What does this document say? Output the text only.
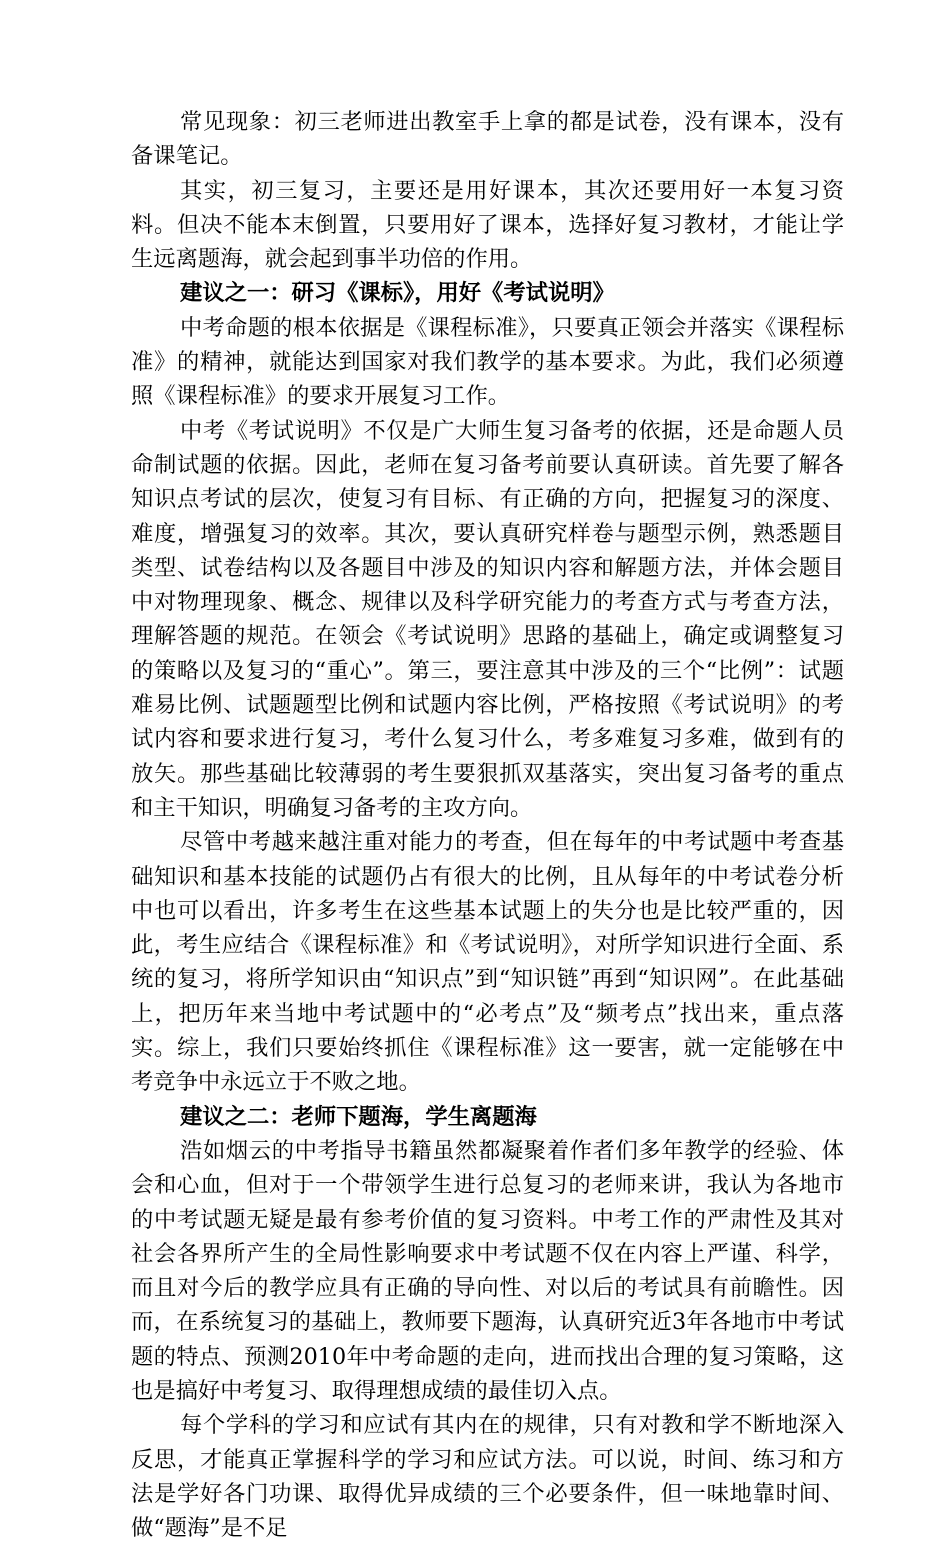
常见现象：初三老师进出教室手上拿的都是试卷，没有课本，没有备课笔记。

其实，初三复习，主要还是用好课本，其次还要用好一本复习资料。但决不能本末倒置，只要用好了课本，选择好复习教材，才能让学生远离题海，就会起到事半功倍的作用。

建议之一：研习《课标》，用好《考试说明》

中考命题的根本依据是《课程标准》，只要真正领会并落实《课程标准》的精神，就能达到国家对我们教学的基本要求。为此，我们必须遵照《课程标准》的要求开展复习工作。

中考《考试说明》不仅是广大师生复习备考的依据，还是命题人员命制试题的依据。因此，老师在复习备考前要认真研读。首先要了解各知识点考试的层次，使复习有目标、有正确的方向，把握复习的深度、难度，增强复习的效率。其次，要认真研究样卷与题型示例，熟悉题目类型、试卷结构以及各题目中涉及的知识内容和解题方法，并体会题目中对物理现象、概念、规律以及科学研究能力的考查方式与考查方法，理解答题的规范。在领会《考试说明》思路的基础上，确定或调整复习的策略以及复习的“重心”。第三，要注意其中涉及的三个“比例”：试题难易比例、试题题型比例和试题内容比例，严格按照《考试说明》的考试内容和要求进行复习，考什么复习什么，考多难复习多难，做到有的放矢。那些基础比较薄弱的考生要狠抓双基落实，突出复习备考的重点和主干知识，明确复习备考的主攻方向。

尽管中考越来越注重对能力的考查，但在每年的中考试题中考查基础知识和基本技能的试题仍占有很大的比例，且从每年的中考试卷分析中也可以看出，许多考生在这些基本试题上的失分也是比较严重的，因此，考生应结合《课程标准》和《考试说明》，对所学知识进行全面、系统的复习，将所学知识由“知识点”到“知识链”再到“知识网”。在此基础上，把历年来当地中考试题中的“必考点”及“频考点”找出来，重点落实。综上，我们只要始终抓住《课程标准》这一要害，就一定能够在中考竞争中永远立于不败之地。

建议之二：老师下题海，学生离题海

浩如烟云的中考指导书籍虽然都凝聚着作者们多年教学的经验、体会和心血，但对于一个带领学生进行总复习的老师来讲，我认为各地市的中考试题无疑是最有参考价值的复习资料。中考工作的严肃性及其对社会各界所产生的全局性影响要求中考试题不仅在内容上严谨、科学，而且对今后的教学应具有正确的导向性、对以后的考试具有前瞻性。因而，在系统复习的基础上，教师要下题海，认真研究近3年各地市中考试题的特点、预测2010年中考命题的走向，进而找出合理的复习策略，这也是搞好中考复习、取得理想成绩的最佳切入点。

每个学科的学习和应试有其内在的规律，只有对教和学不断地深入反思，才能真正掌握科学的学习和应试方法。可以说，时间、练习和方法是学好各门功课、取得优异成绩的三个必要条件，但一味地靠时间、做“题海”是不足
